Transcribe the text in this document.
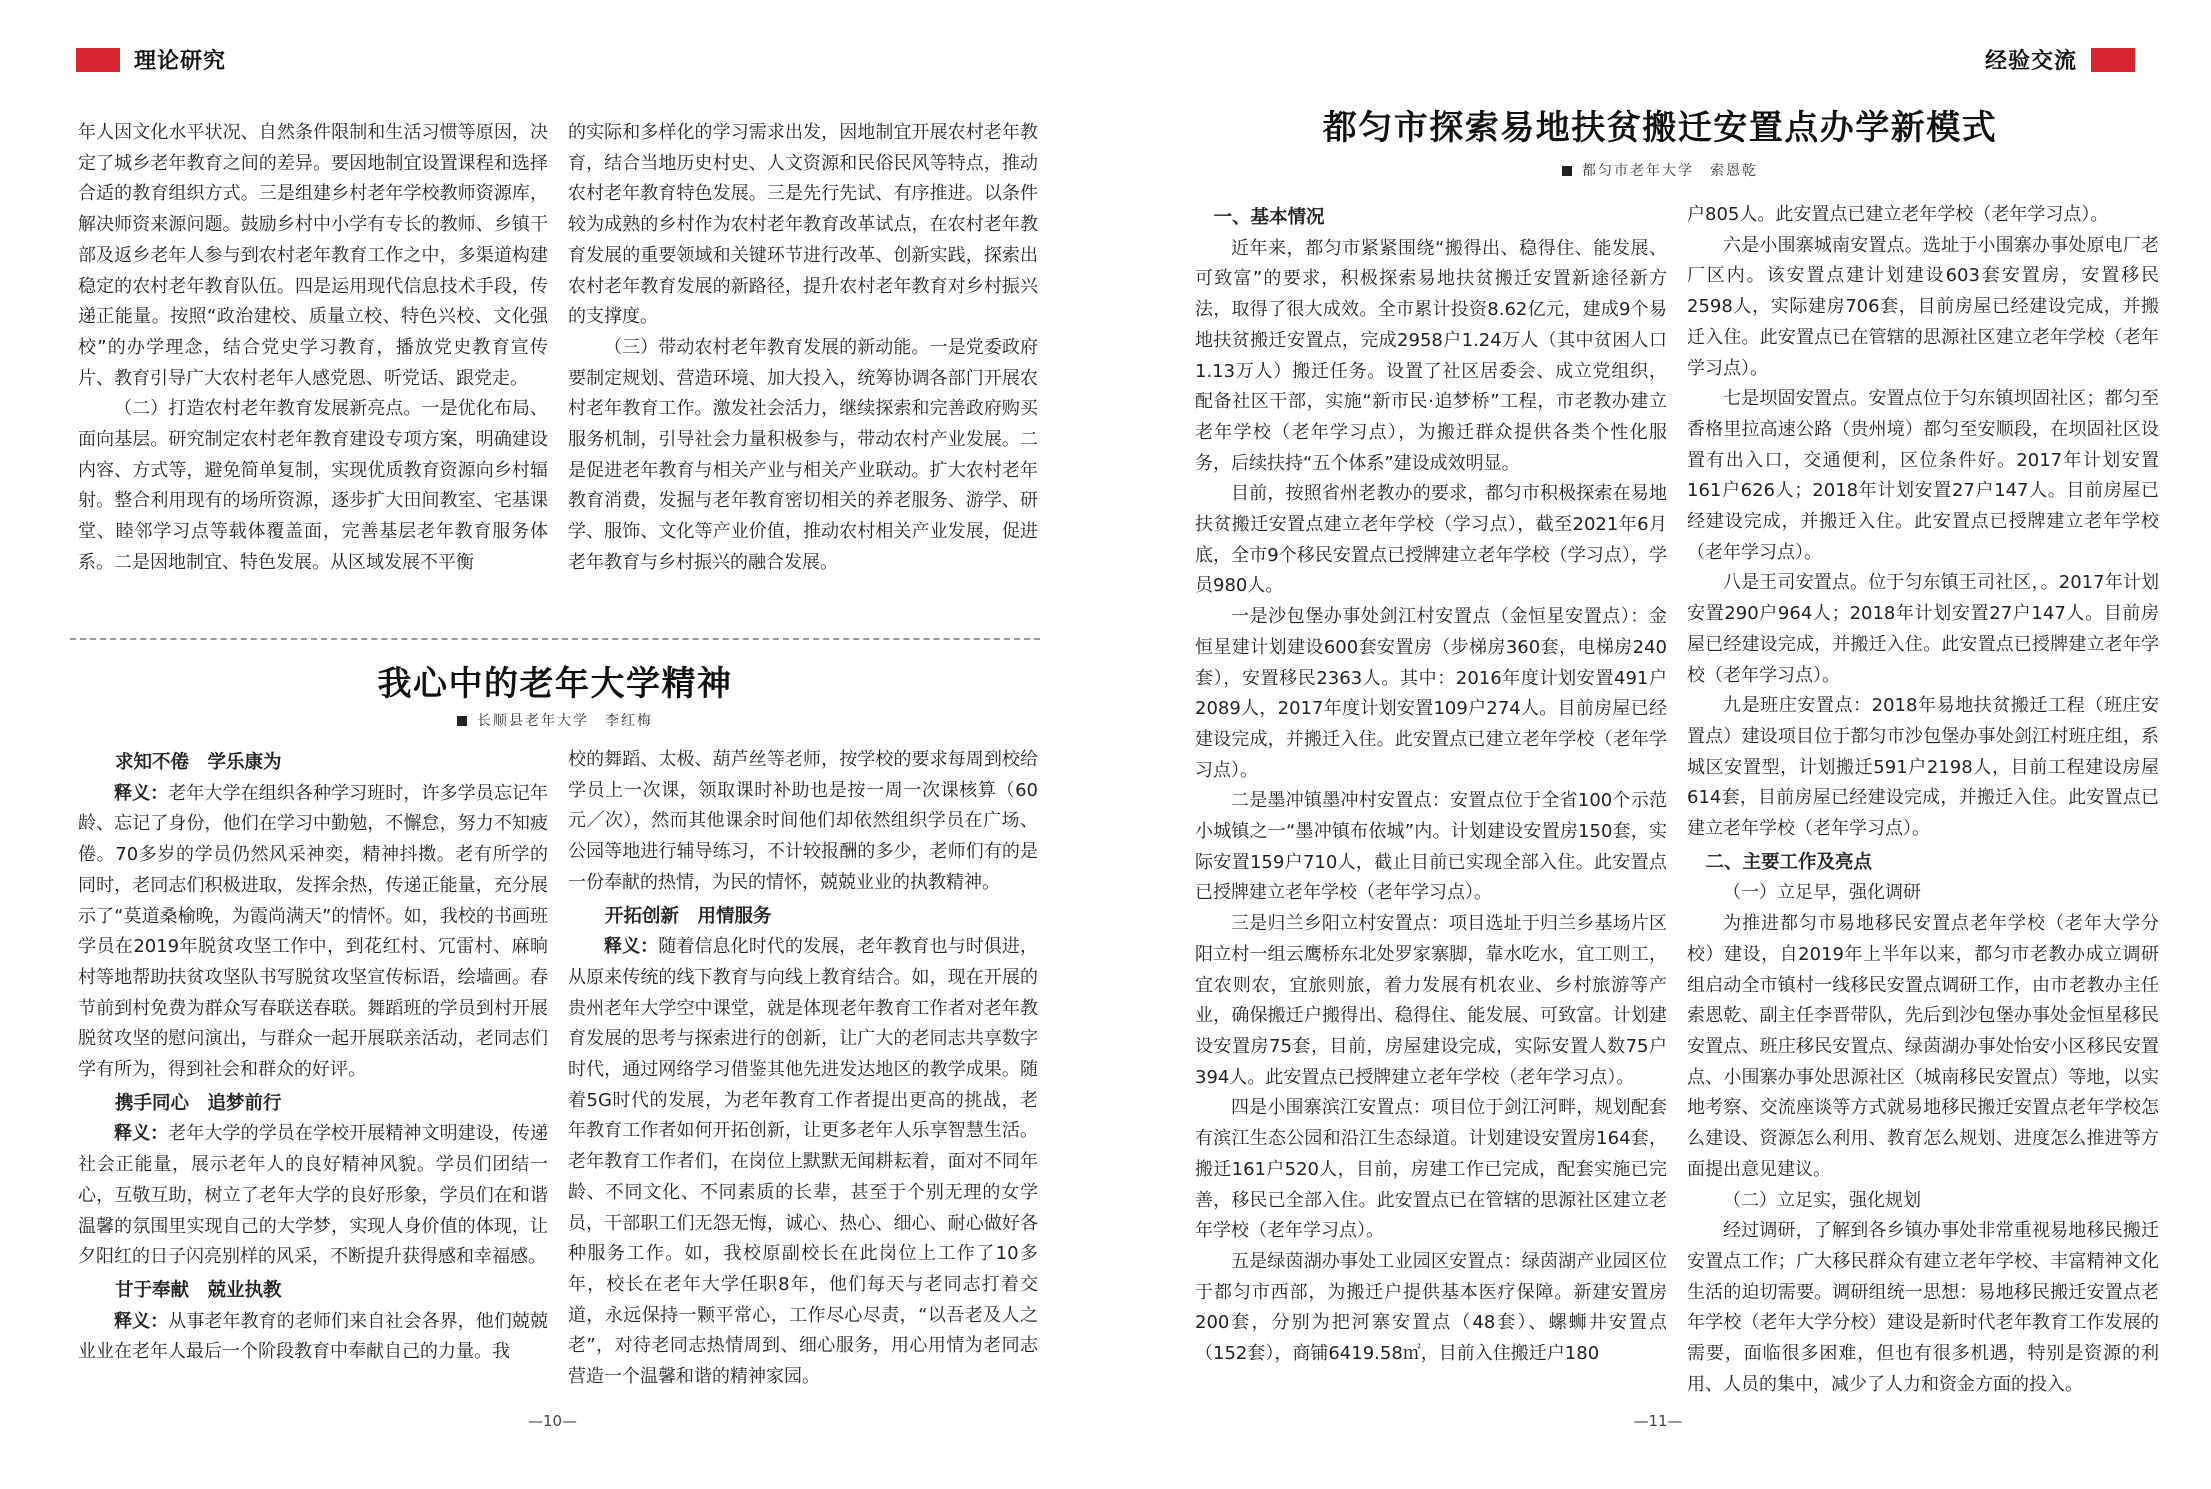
理论研究

年人因文化水平状况、自然条件限制和生活习惯等原因，决定了城乡老年教育之间的差异。要因地制宜设置课程和选择合适的教育组织方式。三是组建乡村老年学校教师资源库，解决师资来源问题。鼓励乡村中小学有专长的教师、乡镇干部及返乡老年人参与到农村老年教育工作之中，多渠道构建稳定的农村老年教育队伍。四是运用现代信息技术手段，传递正能量。按照“政治建校、质量立校、特色兴校、文化强校”的办学理念，结合党史学习教育，播放党史教育宣传片、教育引导广大农村老年人感党恩、听党话、跟党走。

（二）打造农村老年教育发展新亮点。一是优化布局、面向基层。研究制定农村老年教育建设专项方案，明确建设内容、方式等，避免简单复制，实现优质教育资源向乡村辐射。整合利用现有的场所资源，逐步扩大田间教室、宅基课堂、睦邻学习点等载体覆盖面，完善基层老年教育服务体系。二是因地制宜、特色发展。从区域发展不平衡

的实际和多样化的学习需求出发，因地制宜开展农村老年教育，结合当地历史村史、人文资源和民俗民风等特点，推动农村老年教育特色发展。三是先行先试、有序推进。以条件较为成熟的乡村作为农村老年教育改革试点，在农村老年教育发展的重要领域和关键环节进行改革、创新实践，探索出农村老年教育发展的新路径，提升农村老年教育对乡村振兴的支撑度。

（三）带动农村老年教育发展的新动能。一是党委政府要制定规划、营造环境、加大投入，统筹协调各部门开展农村老年教育工作。激发社会活力，继续探索和完善政府购买服务机制，引导社会力量积极参与，带动农村产业发展。二是促进老年教育与相关产业与相关产业联动。扩大农村老年教育消费，发掘与老年教育密切相关的养老服务、游学、研学、服饰、文化等产业价值，推动农村相关产业发展，促进老年教育与乡村振兴的融合发展。

我心中的老年大学精神
长顺县老年大学　李红梅
求知不倦　学乐康为

释义：老年大学在组织各种学习班时，许多学员忘记年龄、忘记了身份，他们在学习中勤勉，不懈怠，努力不知疲倦。70多岁的学员仍然风采神奕，精神抖擞。老有所学的同时，老同志们积极进取，发挥余热，传递正能量，充分展示了“莫道桑榆晚，为霞尚满天”的情怀。如，我校的书画班学员在2019年脱贫攻坚工作中，到花红村、冗雷村、麻晌村等地帮助扶贫攻坚队书写脱贫攻坚宣传标语，绘墙画。春节前到村免费为群众写春联送春联。舞蹈班的学员到村开展脱贫攻坚的慰问演出，与群众一起开展联亲活动，老同志们学有所为，得到社会和群众的好评。

携手同心　追梦前行

释义：老年大学的学员在学校开展精神文明建设，传递社会正能量，展示老年人的良好精神风貌。学员们团结一心，互敬互助，树立了老年大学的良好形象，学员们在和谐温馨的氛围里实现自己的大学梦，实现人身价值的体现，让夕阳红的日子闪亮别样的风采，不断提升获得感和幸福感。

甘于奉献　兢业执教

释义：从事老年教育的老师们来自社会各界，他们兢兢业业在老年人最后一个阶段教育中奉献自己的力量。我

校的舞蹈、太极、葫芦丝等老师，按学校的要求每周到校给学员上一次课，领取课时补助也是按一周一次课核算（60元／次），然而其他课余时间他们却依然组织学员在广场、公园等地进行辅导练习，不计较报酬的多少，老师们有的是一份奉献的热情，为民的情怀，兢兢业业的执教精神。

开拓创新　用情服务

释义：随着信息化时代的发展，老年教育也与时俱进，从原来传统的线下教育与向线上教育结合。如，现在开展的贵州老年大学空中课堂，就是体现老年教育工作者对老年教育发展的思考与探索进行的创新，让广大的老同志共享数字时代，通过网络学习借鉴其他先进发达地区的教学成果。随着5G时代的发展，为老年教育工作者提出更高的挑战，老年教育工作者如何开拓创新，让更多老年人乐享智慧生活。老年教育工作者们，在岗位上默默无闻耕耘着，面对不同年龄、不同文化、不同素质的长辈，甚至于个别无理的女学员，干部职工们无怨无悔，诚心、热心、细心、耐心做好各种服务工作。如，我校原副校长在此岗位上工作了10多年，校长在老年大学任职8年，他们每天与老同志打着交道，永远保持一颗平常心，工作尽心尽责，“以吾老及人之老”，对待老同志热情周到、细心服务，用心用情为老同志营造一个温馨和谐的精神家园。

—10—
经验交流
都匀市探索易地扶贫搬迁安置点办学新模式
都匀市老年大学　索恩乾
一、基本情况

近年来，都匀市紧紧围绕“搬得出、稳得住、能发展、可致富”的要求，积极探索易地扶贫搬迁安置新途径新方法，取得了很大成效。全市累计投资8.62亿元，建成9个易地扶贫搬迁安置点，完成2958户1.24万人（其中贫困人口1.13万人）搬迁任务。设置了社区居委会、成立党组织，配备社区干部，实施“新市民·追梦桥”工程，市老教办建立老年学校（老年学习点），为搬迁群众提供各类个性化服务，后续扶持“五个体系”建设成效明显。

目前，按照省州老教办的要求，都匀市积极探索在易地扶贫搬迁安置点建立老年学校（学习点），截至2021年6月底，全市9个移民安置点已授牌建立老年学校（学习点），学员980人。

一是沙包堡办事处剑江村安置点（金恒星安置点）：金恒星建计划建设600套安置房（步梯房360套，电梯房240套），安置移民2363人。其中：2016年度计划安置491户2089人，2017年度计划安置109户274人。目前房屋已经建设完成，并搬迁入住。此安置点已建立老年学校（老年学习点）。

二是墨冲镇墨冲村安置点：安置点位于全省100个示范小城镇之一“墨冲镇布依城”内。计划建设安置房150套，实际安置159户710人，截止目前已实现全部入住。此安置点已授牌建立老年学校（老年学习点）。

三是归兰乡阳立村安置点：项目选址于归兰乡基场片区阳立村一组云鹰桥东北处罗家寨脚，靠水吃水，宜工则工，宜农则农，宜旅则旅，着力发展有机农业、乡村旅游等产业，确保搬迁户搬得出、稳得住、能发展、可致富。计划建设安置房75套，目前，房屋建设完成，实际安置人数75户394人。此安置点已授牌建立老年学校（老年学习点）。

四是小围寨滨江安置点：项目位于剑江河畔，规划配套有滨江生态公园和沿江生态绿道。计划建设安置房164套，搬迁161户520人，目前，房建工作已完成，配套实施已完善，移民已全部入住。此安置点已在管辖的思源社区建立老年学校（老年学习点）。

五是绿茵湖办事处工业园区安置点：绿茵湖产业园区位于都匀市西部，为搬迁户提供基本医疗保障。新建安置房200套，分别为把河寨安置点（48套）、螺蛳井安置点（152套），商铺6419.58㎡，目前入住搬迁户180

户805人。此安置点已建立老年学校（老年学习点）。

六是小围寨城南安置点。选址于小围寨办事处原电厂老厂区内。该安置点建计划建设603套安置房，安置移民2598人，实际建房706套，目前房屋已经建设完成，并搬迁入住。此安置点已在管辖的思源社区建立老年学校（老年学习点）。

七是坝固安置点。安置点位于匀东镇坝固社区；都匀至香格里拉高速公路（贵州境）都匀至安顺段，在坝固社区设置有出入口，交通便利，区位条件好。2017年计划安置161户626人；2018年计划安置27户147人。目前房屋已经建设完成，并搬迁入住。此安置点已授牌建立老年学校（老年学习点）。

八是王司安置点。位于匀东镇王司社区，。2017年计划安置290户964人；2018年计划安置27户147人。目前房屋已经建设完成，并搬迁入住。此安置点已授牌建立老年学校（老年学习点）。

九是班庄安置点：2018年易地扶贫搬迁工程（班庄安置点）建设项目位于都匀市沙包堡办事处剑江村班庄组，系城区安置型，计划搬迁591户2198人，目前工程建设房屋614套，目前房屋已经建设完成，并搬迁入住。此安置点已建立老年学校（老年学习点）。

二、主要工作及亮点

（一）立足早，强化调研

为推进都匀市易地移民安置点老年学校（老年大学分校）建设，自2019年上半年以来，都匀市老教办成立调研组启动全市镇村一线移民安置点调研工作，由市老教办主任索恩乾、副主任李晋带队，先后到沙包堡办事处金恒星移民安置点、班庄移民安置点、绿茵湖办事处怡安小区移民安置点、小围寨办事处思源社区（城南移民安置点）等地，以实地考察、交流座谈等方式就易地移民搬迁安置点老年学校怎么建设、资源怎么利用、教育怎么规划、进度怎么推进等方面提出意见建议。

（二）立足实，强化规划

经过调研，了解到各乡镇办事处非常重视易地移民搬迁安置点工作；广大移民群众有建立老年学校、丰富精神文化生活的迫切需要。调研组统一思想：易地移民搬迁安置点老年学校（老年大学分校）建设是新时代老年教育工作发展的需要，面临很多困难，但也有很多机遇，特别是资源的利用、人员的集中，减少了人力和资金方面的投入。

—11—
